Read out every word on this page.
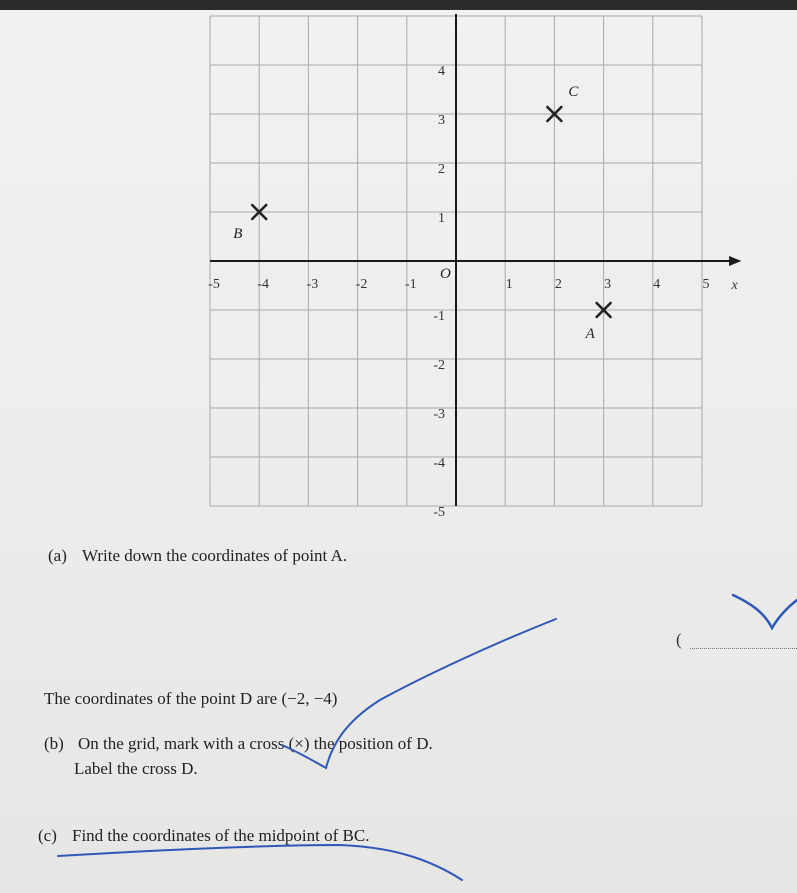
-5	-4	-3	-2	-1	1	2	3	4	5
O
x
4
3
2
1
-1
-2
-3
-4
-5
A
B
C
(a) Write down the coordinates of point A.
(
The coordinates of the point D are (−2, −4)
(b) On the grid, mark with a cross (×) the position of D.
Label the cross D.
(c) Find the coordinates of the midpoint of BC.
